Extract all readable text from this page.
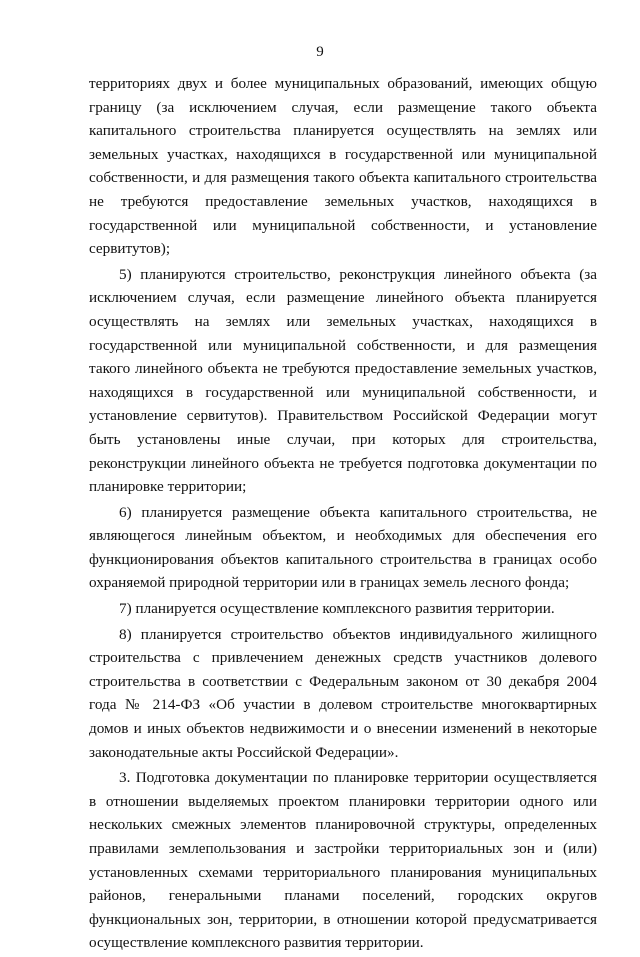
9

территориях двух и более муниципальных образований, имеющих общую границу (за исключением случая, если размещение такого объекта капитального строительства планируется осуществлять на землях или земельных участках, находящихся в государственной или муниципальной собственности, и для размещения такого объекта капитального строительства не требуются предоставление земельных участков, находящихся в государственной или муниципальной собственности, и установление сервитутов);

5) планируются строительство, реконструкция линейного объекта (за исключением случая, если размещение линейного объекта планируется осуществлять на землях или земельных участках, находящихся в государственной или муниципальной собственности, и для размещения такого линейного объекта не требуются предоставление земельных участков, находящихся в государственной или муниципальной собственности, и установление сервитутов). Правительством Российской Федерации могут быть установлены иные случаи, при которых для строительства, реконструкции линейного объекта не требуется подготовка документации по планировке территории;

6) планируется размещение объекта капитального строительства, не являющегося линейным объектом, и необходимых для обеспечения его функционирования объектов капитального строительства в границах особо охраняемой природной территории или в границах земель лесного фонда;

7) планируется осуществление комплексного развития территории.

8) планируется строительство объектов индивидуального жилищного строительства с привлечением денежных средств участников долевого строительства в соответствии с Федеральным законом от 30 декабря 2004 года № 214-ФЗ «Об участии в долевом строительстве многоквартирных домов и иных объектов недвижимости и о внесении изменений в некоторые законодательные акты Российской Федерации».

3. Подготовка документации по планировке территории осуществляется в отношении выделяемых проектом планировки территории одного или нескольких смежных элементов планировочной структуры, определенных правилами землепользования и застройки территориальных зон и (или) установленных схемами территориального планирования муниципальных районов, генеральными планами поселений, городских округов функциональных зон, территории, в отношении которой предусматривается осуществление комплексного развития территории.
